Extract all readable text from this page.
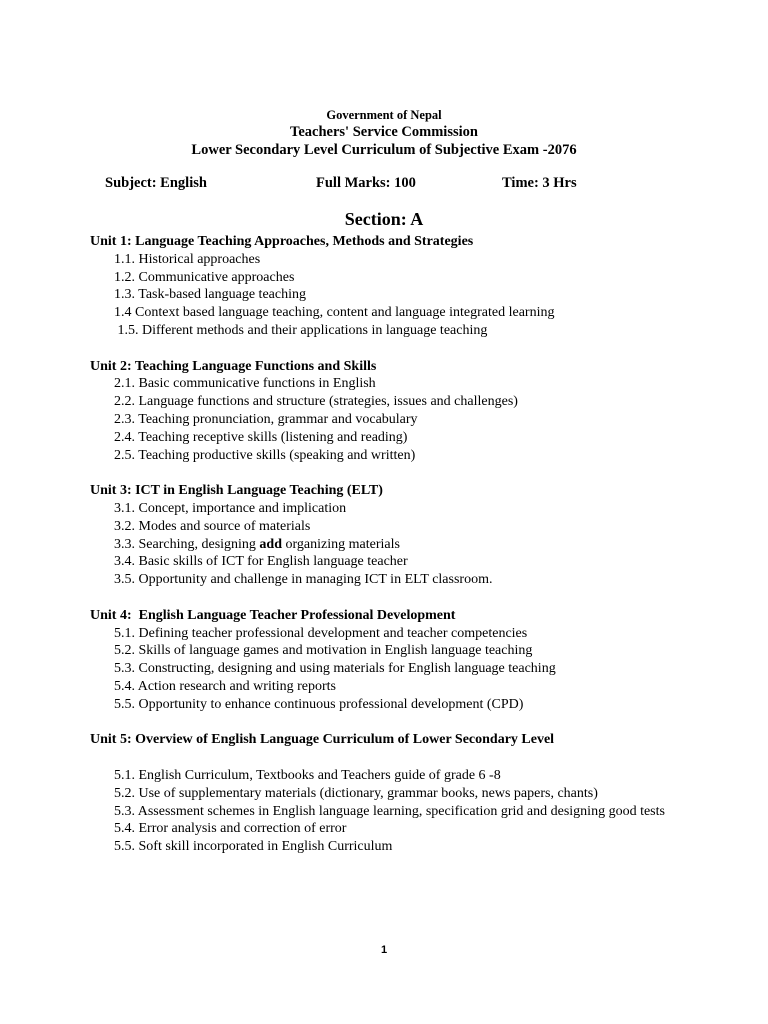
Government of Nepal
Teachers' Service Commission
Lower Secondary Level Curriculum of Subjective Exam -2076
Subject: English	Full Marks: 100	Time: 3 Hrs
Section: A
Unit 1: Language Teaching Approaches, Methods and Strategies
1.1. Historical approaches
1.2. Communicative approaches
1.3. Task-based language teaching
1.4 Context based language teaching, content and language integrated learning
1.5. Different methods and their applications in language teaching
Unit 2: Teaching Language Functions and Skills
2.1. Basic communicative functions in English
2.2. Language functions and structure (strategies, issues and challenges)
2.3. Teaching pronunciation, grammar and vocabulary
2.4. Teaching receptive skills (listening and reading)
2.5. Teaching productive skills (speaking and written)
Unit 3: ICT in English Language Teaching (ELT)
3.1. Concept, importance and implication
3.2. Modes and source of materials
3.3. Searching, designing add organizing materials
3.4. Basic skills of ICT for English language teacher
3.5. Opportunity and challenge in managing ICT in ELT classroom.
Unit 4:  English Language Teacher Professional Development
5.1. Defining teacher professional development and teacher competencies
5.2. Skills of language games and motivation in English language teaching
5.3. Constructing, designing and using materials for English language teaching
5.4. Action research and writing reports
5.5. Opportunity to enhance continuous professional development (CPD)
Unit 5: Overview of English Language Curriculum of Lower Secondary Level
5.1. English Curriculum, Textbooks and Teachers guide of grade 6 -8
5.2. Use of supplementary materials (dictionary, grammar books, news papers, chants)
5.3. Assessment schemes in English language learning, specification grid and designing good tests
5.4. Error analysis and correction of error
5.5. Soft skill incorporated in English Curriculum
1
